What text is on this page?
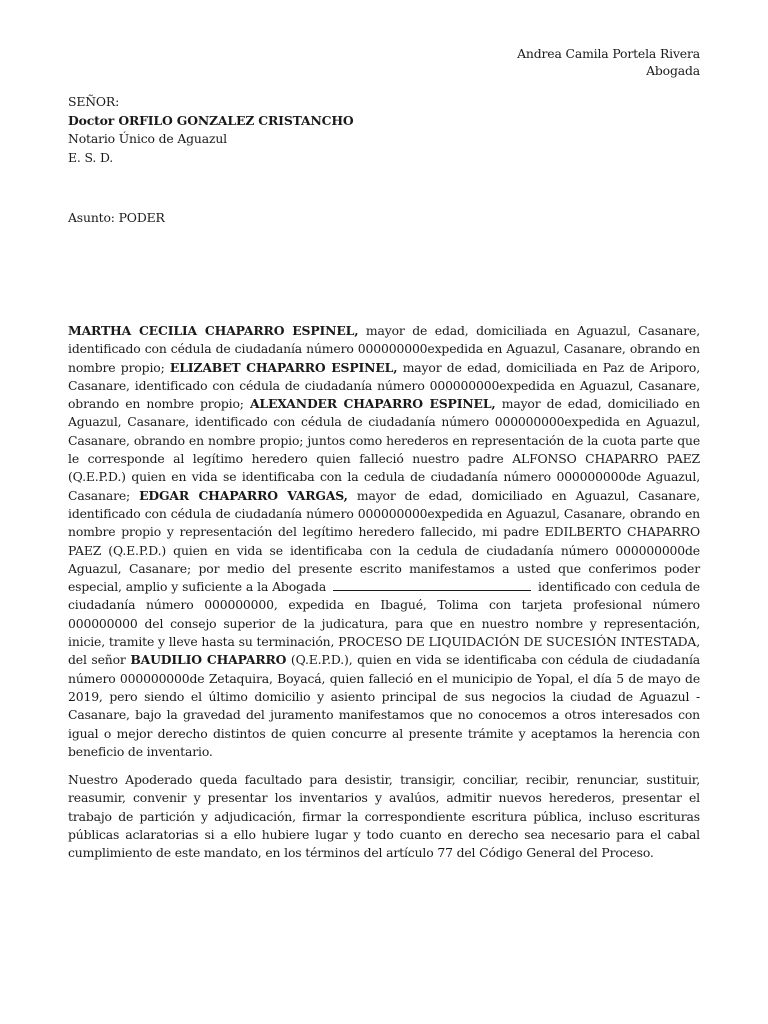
Andrea Camila Portela Rivera
Abogada
SEÑOR:
Doctor ORFILO GONZALEZ CRISTANCHO
Notario Único de Aguazul
E. S. D.
Asunto: PODER

MARTHA CECILIA CHAPARRO ESPINEL, mayor de edad, domiciliada en Aguazul, Casanare, identificado con cédula de ciudadanía número 000000000expedida en Aguazul, Casanare, obrando en nombre propio; ELIZABET CHAPARRO ESPINEL, mayor de edad, domiciliada en Paz de Ariporo, Casanare, identificado con cédula de ciudadanía número 000000000expedida en Aguazul, Casanare, obrando en nombre propio; ALEXANDER CHAPARRO ESPINEL, mayor de edad, domiciliado en Aguazul, Casanare, identificado con cédula de ciudadanía número 000000000expedida en Aguazul, Casanare, obrando en nombre propio; juntos como herederos en representación de la cuota parte que le corresponde al legítimo heredero quien falleció nuestro padre ALFONSO CHAPARRO PAEZ (Q.E.P.D.) quien en vida se identificaba con la cedula de ciudadanía número 000000000de Aguazul, Casanare; EDGAR CHAPARRO VARGAS, mayor de edad, domiciliado en Aguazul, Casanare, identificado con cédula de ciudadanía número 000000000expedida en Aguazul, Casanare, obrando en nombre propio y representación del legítimo heredero fallecido, mi padre EDILBERTO CHAPARRO PAEZ (Q.E.P.D.) quien en vida se identificaba con la cedula de ciudadanía número 000000000de Aguazul, Casanare; por medio del presente escrito manifestamos a usted que conferimos poder especial, amplio y suficiente a la Abogada	identificado con cedula de ciudadanía número 000000000, expedida en Ibagué, Tolima con tarjeta profesional número 000000000 del consejo superior de la judicatura, para que en nuestro nombre y representación, inicie, tramite y lleve hasta su terminación, PROCESO DE LIQUIDACIÓN DE SUCESIÓN INTESTADA, del señor BAUDILIO CHAPARRO (Q.E.P.D.), quien en vida se identificaba con cédula de ciudadanía número 000000000de Zetaquira, Boyacá, quien falleció en el municipio de Yopal, el día 5 de mayo de 2019, pero siendo el último domicilio y asiento principal de sus negocios la ciudad de Aguazul - Casanare, bajo la gravedad del juramento manifestamos que no conocemos a otros interesados con igual o mejor derecho distintos de quien concurre al presente trámite y aceptamos la herencia con beneficio de inventario.

Nuestro Apoderado queda facultado para desistir, transigir, conciliar, recibir, renunciar, sustituir, reasumir, convenir y presentar los inventarios y avalúos, admitir nuevos herederos, presentar el trabajo de partición y adjudicación, firmar la correspondiente escritura pública, incluso escrituras públicas aclaratorias si a ello hubiere lugar y todo cuanto en derecho sea necesario para el cabal cumplimiento de este mandato, en los términos del artículo 77 del Código General del Proceso.
